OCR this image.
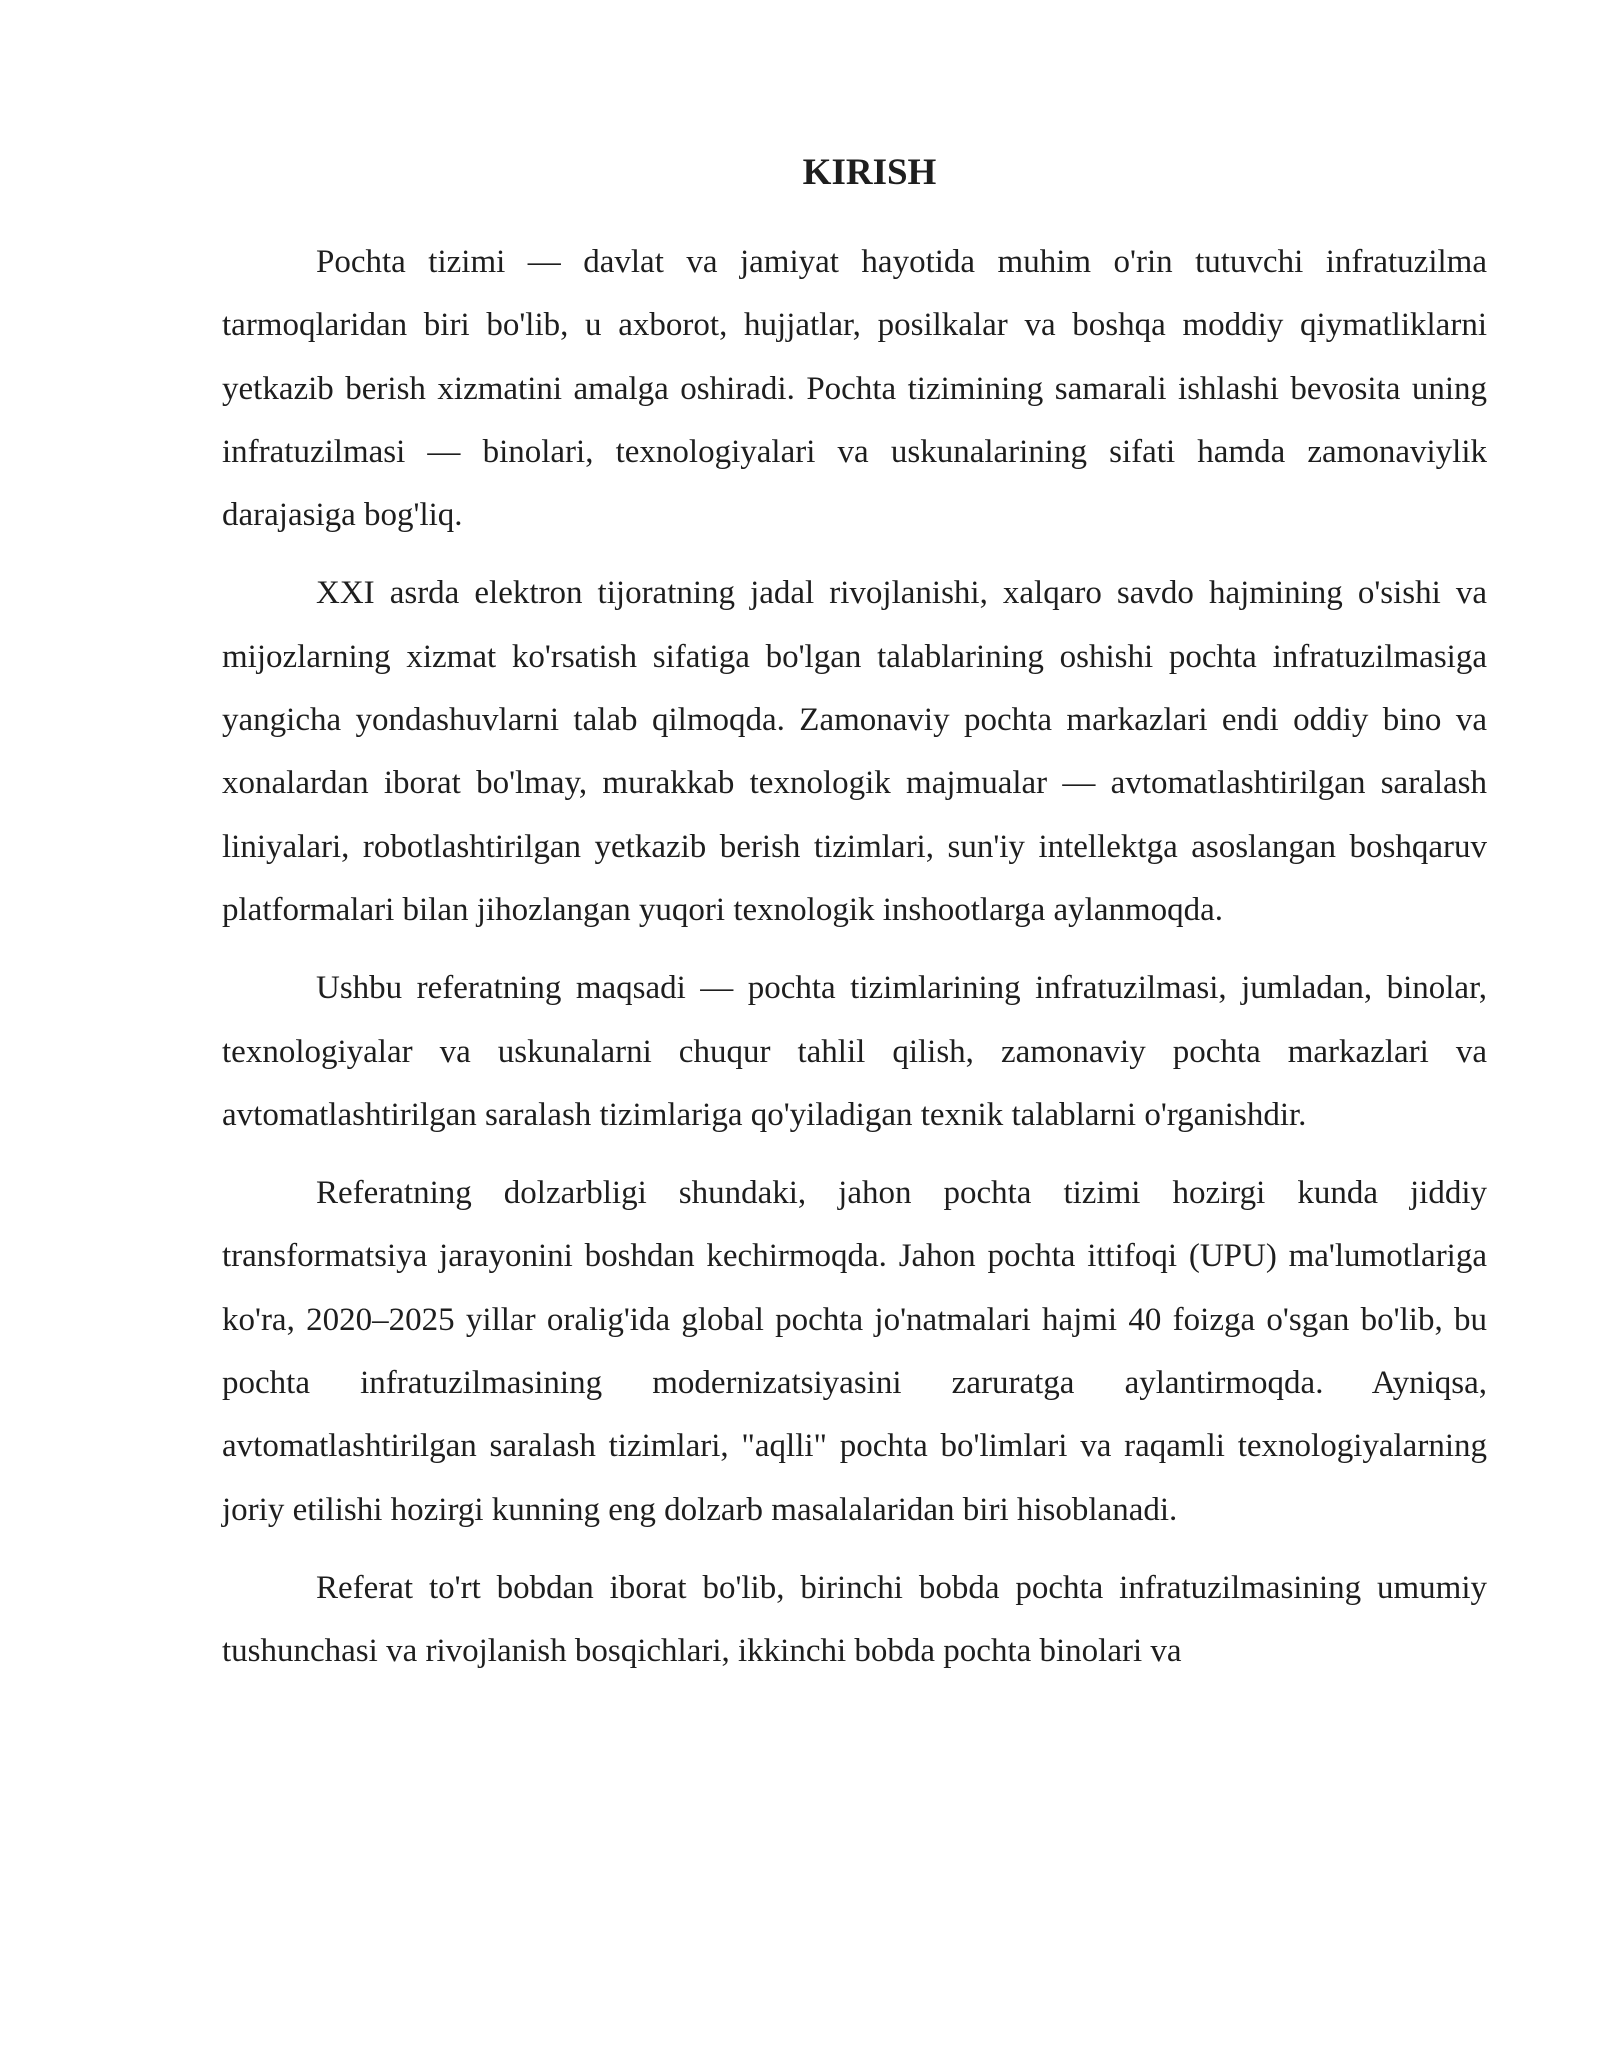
KIRISH

Pochta tizimi — davlat va jamiyat hayotida muhim o'rin tutuvchi infratuzilma tarmoqlaridan biri bo'lib, u axborot, hujjatlar, posilkalar va boshqa moddiy qiymatliklarni yetkazib berish xizmatini amalga oshiradi. Pochta tizimining samarali ishlashi bevosita uning infratuzilmasi — binolari, texnologiyalari va uskunalarining sifati hamda zamonaviylik darajasiga bog'liq.

XXI asrda elektron tijoratning jadal rivojlanishi, xalqaro savdo hajmining o'sishi va mijozlarning xizmat ko'rsatish sifatiga bo'lgan talablarining oshishi pochta infratuzilmasiga yangicha yondashuvlarni talab qilmoqda. Zamonaviy pochta markazlari endi oddiy bino va xonalardan iborat bo'lmay, murakkab texnologik majmualar — avtomatlashtirilgan saralash liniyalari, robotlashtirilgan yetkazib berish tizimlari, sun'iy intellektga asoslangan boshqaruv platformalari bilan jihozlangan yuqori texnologik inshootlarga aylanmoqda.

Ushbu referatning maqsadi — pochta tizimlarining infratuzilmasi, jumladan, binolar, texnologiyalar va uskunalarni chuqur tahlil qilish, zamonaviy pochta markazlari va avtomatlashtirilgan saralash tizimlariga qo'yiladigan texnik talablarni o'rganishdir.

Referatning dolzarbligi shundaki, jahon pochta tizimi hozirgi kunda jiddiy transformatsiya jarayonini boshdan kechirmoqda. Jahon pochta ittifoqi (UPU) ma'lumotlariga ko'ra, 2020–2025 yillar oralig'ida global pochta jo'natmalari hajmi 40 foizga o'sgan bo'lib, bu pochta infratuzilmasining modernizatsiyasini zaruratga aylantirmoqda. Ayniqsa, avtomatlashtirilgan saralash tizimlari, "aqlli" pochta bo'limlari va raqamli texnologiyalarning joriy etilishi hozirgi kunning eng dolzarb masalalaridan biri hisoblanadi.

Referat to'rt bobdan iborat bo'lib, birinchi bobda pochta infratuzilmasining umumiy tushunchasi va rivojlanish bosqichlari, ikkinchi bobda pochta binolari va
